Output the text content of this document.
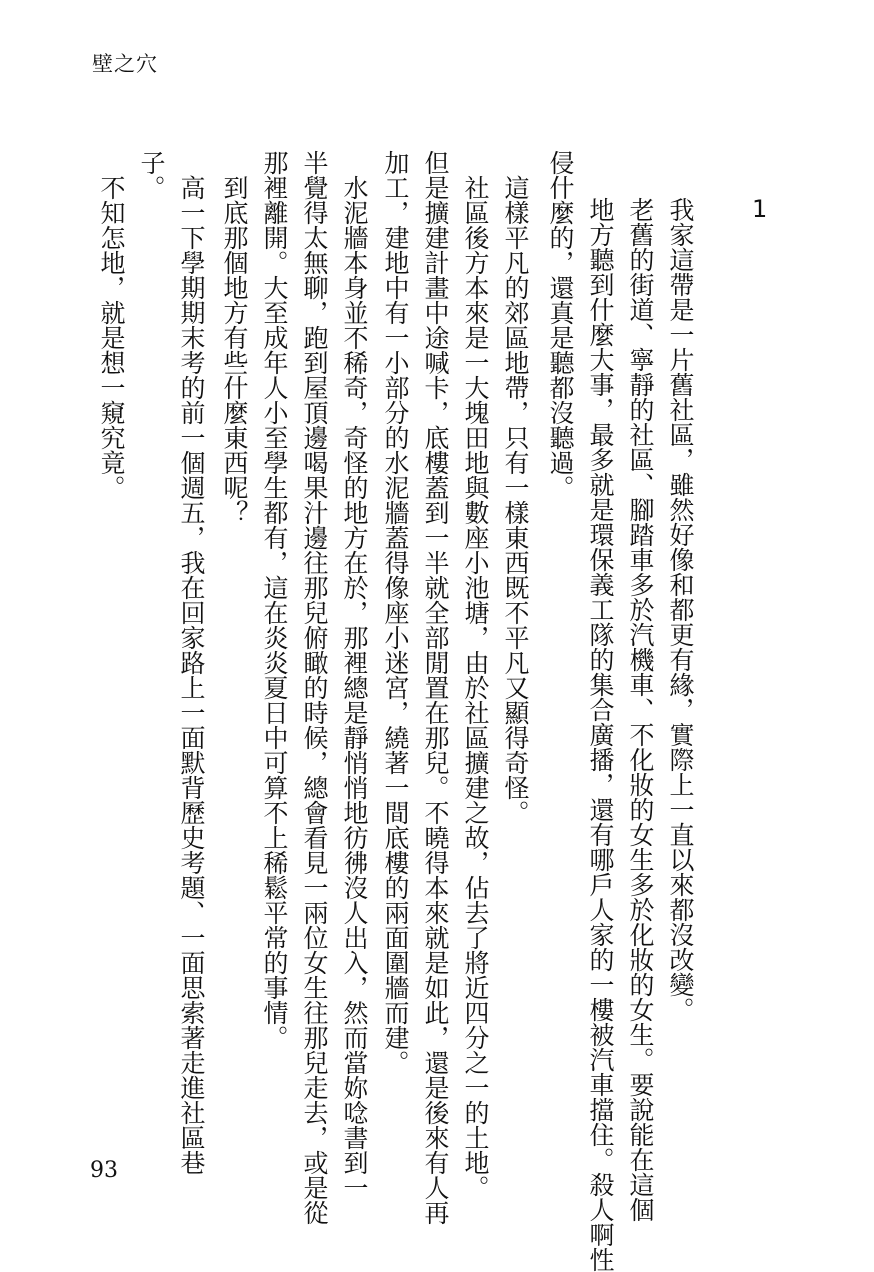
壁之穴
1
我家這帶是一片舊社區，雖然好像和都更有緣，實際上一直以來都沒改變。
老舊的街道、寧靜的社區、腳踏車多於汽機車、不化妝的女生多於化妝的女生。要說能在這個
地方聽到什麼大事，最多就是環保義工隊的集合廣播，還有哪戶人家的一樓被汽車擋住。殺人啊性
侵什麼的，還真是聽都沒聽過。
　這樣平凡的郊區地帶，只有一樣東西既不平凡又顯得奇怪。
　社區後方本來是一大塊田地與數座小池塘，由於社區擴建之故，佔去了將近四分之一的土地。
但是擴建計畫中途喊卡，底樓蓋到一半就全部閒置在那兒。不曉得本來就是如此，還是後來有人再
加工，建地中有一小部分的水泥牆蓋得像座小迷宮，繞著一間底樓的兩面圍牆而建。
　水泥牆本身並不稀奇，奇怪的地方在於，那裡總是靜悄悄地彷彿沒人出入，然而當妳唸書到一
半覺得太無聊，跑到屋頂邊喝果汁邊往那兒俯瞰的時候，總會看見一兩位女生往那兒走去，或是從
那裡離開。大至成年人小至學生都有，這在炎炎夏日中可算不上稀鬆平常的事情。
　到底那個地方有些什麼東西呢？
　高一下學期期末考的前一個週五，我在回家路上一面默背歷史考題、一面思索著走進社區巷
子。
　不知怎地，就是想一窺究竟。
93
